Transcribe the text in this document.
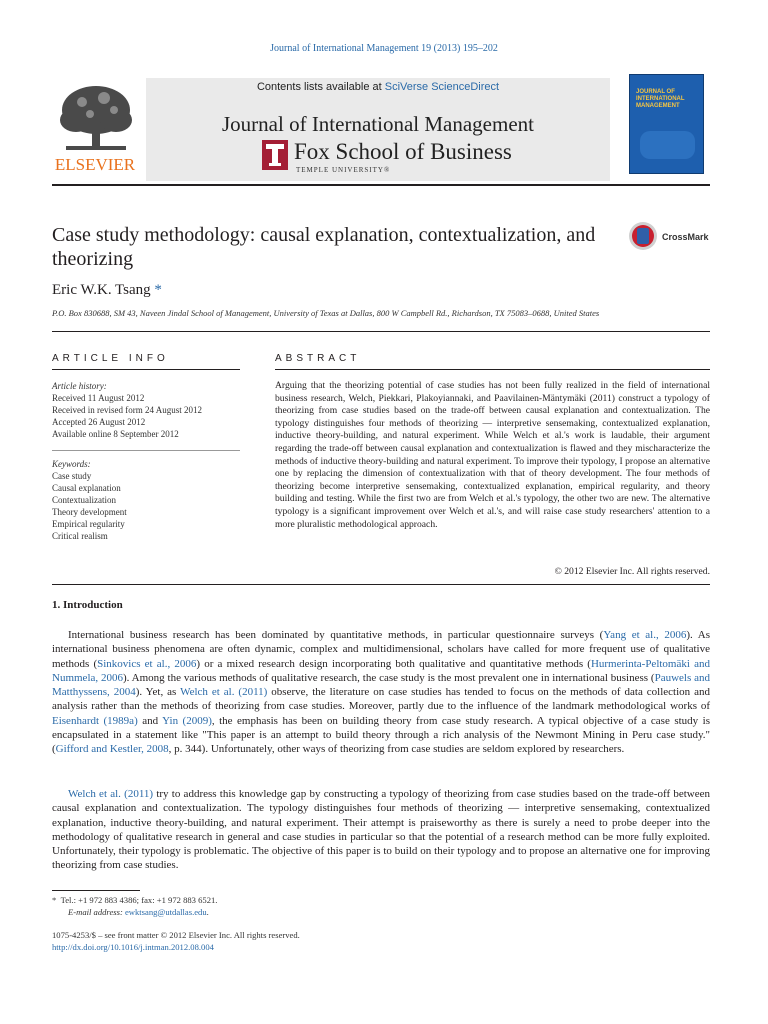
Journal of International Management 19 (2013) 195–202
ELSEVIER
Contents lists available at SciVerse ScienceDirect
Journal of International Management
Fox School of Business
TEMPLE UNIVERSITY®
JOURNAL OF INTERNATIONAL MANAGEMENT
Case study methodology: causal explanation, contextualization, and theorizing
CrossMark
Eric W.K. Tsang *
P.O. Box 830688, SM 43, Naveen Jindal School of Management, University of Texas at Dallas, 800 W Campbell Rd., Richardson, TX 75083–0688, United States
ARTICLE INFO
Article history:
Received 11 August 2012
Received in revised form 24 August 2012
Accepted 26 August 2012
Available online 8 September 2012
Keywords:
Case study
Causal explanation
Contextualization
Theory development
Empirical regularity
Critical realism
ABSTRACT
Arguing that the theorizing potential of case studies has not been fully realized in the field of international business research, Welch, Piekkari, Plakoyiannaki, and Paavilainen-Mäntymäki (2011) construct a typology of theorizing from case studies based on the trade-off between causal explanation and contextualization. The typology distinguishes four methods of theorizing — interpretive sensemaking, contextualized explanation, inductive theory-building, and natural experiment. While Welch et al.'s work is laudable, their argument regarding the trade-off between causal explanation and contextualization is flawed and they mischaracterize the methods of inductive theory-building and natural experiment. To improve their typology, I propose an alternative one by replacing the dimension of contextualization with that of theory development. The four methods of theorizing become interpretive sensemaking, contextualized explanation, empirical regularity, and theory building and testing. While the first two are from Welch et al.'s typology, the other two are new. The alternative typology is a significant improvement over Welch et al.'s, and will raise case study researchers' attention to a more pluralistic methodological approach.
© 2012 Elsevier Inc. All rights reserved.
1. Introduction
International business research has been dominated by quantitative methods, in particular questionnaire surveys (Yang et al., 2006). As international business phenomena are often dynamic, complex and multidimensional, scholars have called for more frequent use of qualitative methods (Sinkovics et al., 2006) or a mixed research design incorporating both qualitative and quantitative methods (Hurmerinta-Peltomäki and Nummela, 2006). Among the various methods of qualitative research, the case study is the most prevalent one in international business (Pauwels and Matthyssens, 2004). Yet, as Welch et al. (2011) observe, the literature on case studies has tended to focus on the methods of data collection and analysis rather than the methods of theorizing from case studies. Moreover, partly due to the influence of the landmark methodological works of Eisenhardt (1989a) and Yin (2009), the emphasis has been on building theory from case study research. A typical objective of a case study is encapsulated in a statement like "This paper is an attempt to build theory through a rich analysis of the Newmont Mining in Peru case study." (Gifford and Kestler, 2008, p. 344). Unfortunately, other ways of theorizing from case studies are seldom explored by researchers.
Welch et al. (2011) try to address this knowledge gap by constructing a typology of theorizing from case studies based on the trade-off between causal explanation and contextualization. The typology distinguishes four methods of theorizing — interpretive sensemaking, contextualized explanation, inductive theory-building, and natural experiment. Their attempt is praiseworthy as there is surely a need to probe deeper into the methodology of qualitative research in general and case studies in particular so that the potential of a research method can be more fully exploited. Unfortunately, their typology is problematic. The objective of this paper is to build on their typology and to propose an alternative one for improving theorizing from case studies.
* Tel.: +1 972 883 4386; fax: +1 972 883 6521.
E-mail address: ewktsang@utdallas.edu.
1075-4253/$ – see front matter © 2012 Elsevier Inc. All rights reserved.
http://dx.doi.org/10.1016/j.intman.2012.08.004
